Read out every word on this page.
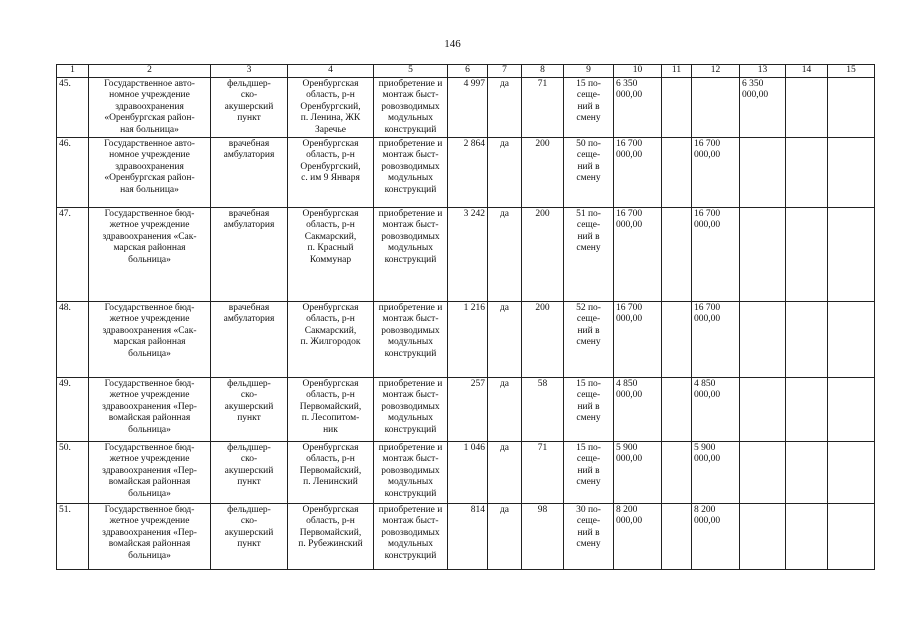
146
1	2	3	4	5	6	7	8	9	10	11	12	13	14	15
45.	Государственное авто-
номное учреждение
здравоохранения
«Оренбургская район-
ная больница»	фельдшер-
ско-
акушерский
пункт	Оренбургская
область, р-н
Оренбургский,
п. Ленина, ЖК
Заречье	приобретение и
монтаж быст-
ровозводимых
модульных
конструкций	4 997	да	71	15 по-
сеще-
ний в
смену	6 350 000,00			6 350 000,00		
46.	Государственное авто-
номное учреждение
здравоохранения
«Оренбургская район-
ная больница»	врачебная
амбулатория	Оренбургская
область, р-н
Оренбургский,
с. им 9 Января	приобретение и
монтаж быст-
ровозводимых
модульных
конструкций	2 864	да	200	50 по-
сеще-
ний в
смену	16 700 000,00		16 700 000,00			
47.	Государственное бюд-
жетное учреждение
здравоохранения «Сак-
марская районная
больница»	врачебная
амбулатория	Оренбургская
область, р-н
Сакмарский,
п. Красный
Коммунар	приобретение и
монтаж быст-
ровозводимых
модульных
конструкций	3 242	да	200	51 по-
сеще-
ний в
смену	16 700 000,00		16 700 000,00			
48.	Государственное бюд-
жетное учреждение
здравоохранения «Сак-
марская районная
больница»	врачебная
амбулатория	Оренбургская
область, р-н
Сакмарский,
п. Жилгородок	приобретение и
монтаж быст-
ровозводимых
модульных
конструкций	1 216	да	200	52 по-
сеще-
ний в
смену	16 700 000,00		16 700 000,00			
49.	Государственное бюд-
жетное учреждение
здравоохранения «Пер-
вомайская районная
больница»	фельдшер-
ско-
акушерский
пункт	Оренбургская
область, р-н
Первомайский,
п. Лесопитом-
ник	приобретение и
монтаж быст-
ровозводимых
модульных
конструкций	257	да	58	15 по-
сеще-
ний в
смену	4 850 000,00		4 850 000,00			
50.	Государственное бюд-
жетное учреждение
здравоохранения «Пер-
вомайская районная
больница»	фельдшер-
ско-
акушерский
пункт	Оренбургская
область, р-н
Первомайский,
п. Ленинский	приобретение и
монтаж быст-
ровозводимых
модульных
конструкций	1 046	да	71	15 по-
сеще-
ний в
смену	5 900 000,00		5 900 000,00			
51.	Государственное бюд-
жетное учреждение
здравоохранения «Пер-
вомайская районная
больница»	фельдшер-
ско-
акушерский
пункт	Оренбургская
область, р-н
Первомайский,
п. Рубежинский	приобретение и
монтаж быст-
ровозводимых
модульных
конструкций	814	да	98	30 по-
сеще-
ний в
смену	8 200 000,00		8 200 000,00			
